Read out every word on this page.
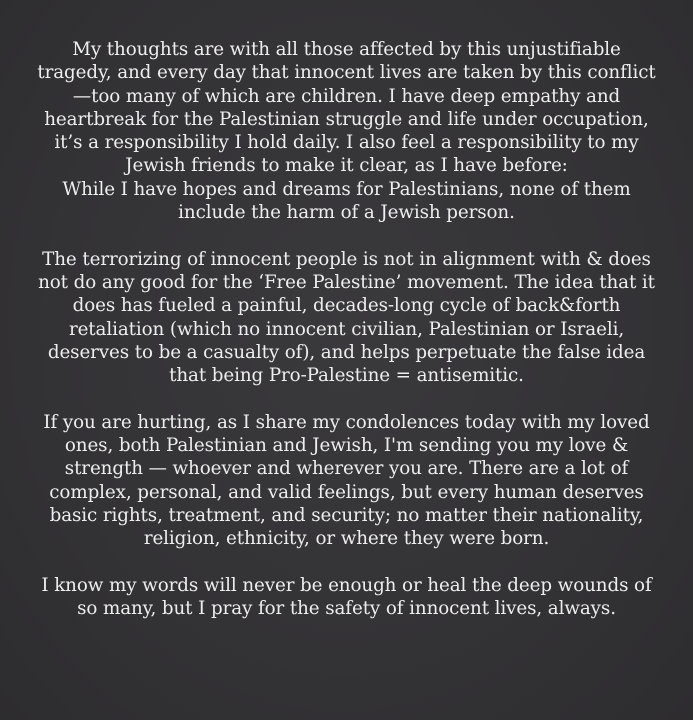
My thoughts are with all those affected by this unjustifiable
tragedy, and every day that innocent lives are taken by this conflict
—too many of which are children. I have deep empathy and
heartbreak for the Palestinian struggle and life under occupation,
it’s a responsibility I hold daily. I also feel a responsibility to my
Jewish friends to make it clear, as I have before:
While I have hopes and dreams for Palestinians, none of them
include the harm of a Jewish person.

The terrorizing of innocent people is not in alignment with & does
not do any good for the ‘Free Palestine’ movement. The idea that it
does has fueled a painful, decades-long cycle of back&forth
retaliation (which no innocent civilian, Palestinian or Israeli,
deserves to be a casualty of), and helps perpetuate the false idea
that being Pro-Palestine = antisemitic.

If you are hurting, as I share my condolences today with my loved
ones, both Palestinian and Jewish, I'm sending you my love &
strength — whoever and wherever you are. There are a lot of
complex, personal, and valid feelings, but every human deserves
basic rights, treatment, and security; no matter their nationality,
religion, ethnicity, or where they were born.

I know my words will never be enough or heal the deep wounds of
so many, but I pray for the safety of innocent lives, always.
